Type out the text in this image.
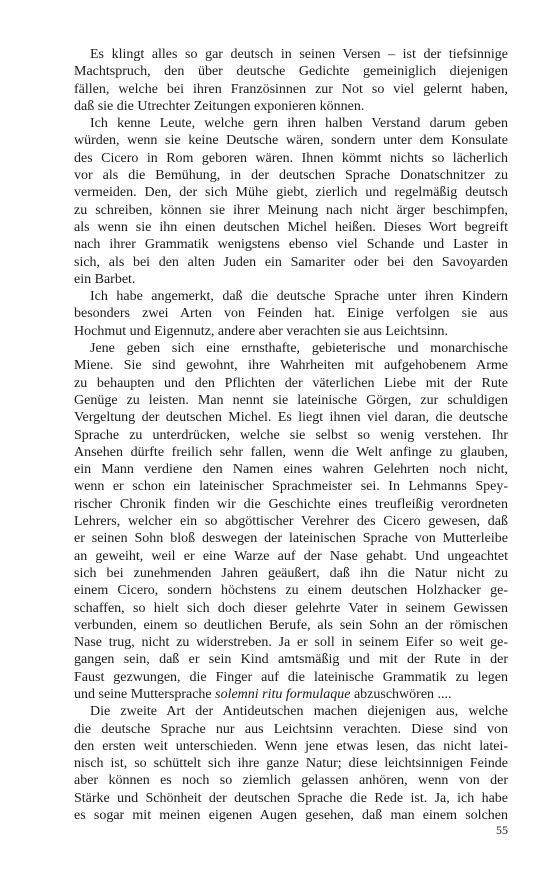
Es klingt alles so gar deutsch in seinen Versen – ist der tiefsinnige
Machtspruch, den über deutsche Gedichte gemeiniglich diejenigen
fällen, welche bei ihren Französinnen zur Not so viel gelernt haben,
daß sie die Utrechter Zeitungen exponieren können.
Ich kenne Leute, welche gern ihren halben Verstand darum geben
würden, wenn sie keine Deutsche wären, sondern unter dem Konsulate
des Cicero in Rom geboren wären. Ihnen kömmt nichts so lächerlich
vor als die Bemühung, in der deutschen Sprache Donatschnitzer zu
vermeiden. Den, der sich Mühe giebt, zierlich und regelmäßig deutsch
zu schreiben, können sie ihrer Meinung nach nicht ärger beschimpfen,
als wenn sie ihn einen deutschen Michel heißen. Dieses Wort begreift
nach ihrer Grammatik wenigstens ebenso viel Schande und Laster in
sich, als bei den alten Juden ein Samariter oder bei den Savoyarden
ein Barbet.
Ich habe angemerkt, daß die deutsche Sprache unter ihren Kindern
besonders zwei Arten von Feinden hat. Einige verfolgen sie aus
Hochmut und Eigennutz, andere aber verachten sie aus Leichtsinn.
Jene geben sich eine ernsthafte, gebieterische und monarchische
Miene. Sie sind gewohnt, ihre Wahrheiten mit aufgehobenem Arme
zu behaupten und den Pflichten der väterlichen Liebe mit der Rute
Genüge zu leisten. Man nennt sie lateinische Görgen, zur schuldigen
Vergeltung der deutschen Michel. Es liegt ihnen viel daran, die deutsche
Sprache zu unterdrücken, welche sie selbst so wenig verstehen. Ihr
Ansehen dürfte freilich sehr fallen, wenn die Welt anfinge zu glauben,
ein Mann verdiene den Namen eines wahren Gelehrten noch nicht,
wenn er schon ein lateinischer Sprachmeister sei. In Lehmanns Spey-
rischer Chronik finden wir die Geschichte eines treufleißig verordneten
Lehrers, welcher ein so abgöttischer Verehrer des Cicero gewesen, daß
er seinen Sohn bloß deswegen der lateinischen Sprache von Mutterleibe
an geweiht, weil er eine Warze auf der Nase gehabt. Und ungeachtet
sich bei zunehmenden Jahren geäußert, daß ihn die Natur nicht zu
einem Cicero, sondern höchstens zu einem deutschen Holzhacker ge-
schaffen, so hielt sich doch dieser gelehrte Vater in seinem Gewissen
verbunden, einem so deutlichen Berufe, als sein Sohn an der römischen
Nase trug, nicht zu widerstreben. Ja er soll in seinem Eifer so weit ge-
gangen sein, daß er sein Kind amtsmäßig und mit der Rute in der
Faust gezwungen, die Finger auf die lateinische Grammatik zu legen
und seine Muttersprache solemni ritu formulaque abzuschwören ....
Die zweite Art der Antideutschen machen diejenigen aus, welche
die deutsche Sprache nur aus Leichtsinn verachten. Diese sind von
den ersten weit unterschieden. Wenn jene etwas lesen, das nicht latei-
nisch ist, so schüttelt sich ihre ganze Natur; diese leichtsinnigen Feinde
aber können es noch so ziemlich gelassen anhören, wenn von der
Stärke und Schönheit der deutschen Sprache die Rede ist. Ja, ich habe
es sogar mit meinen eigenen Augen gesehen, daß man einem solchen
55
